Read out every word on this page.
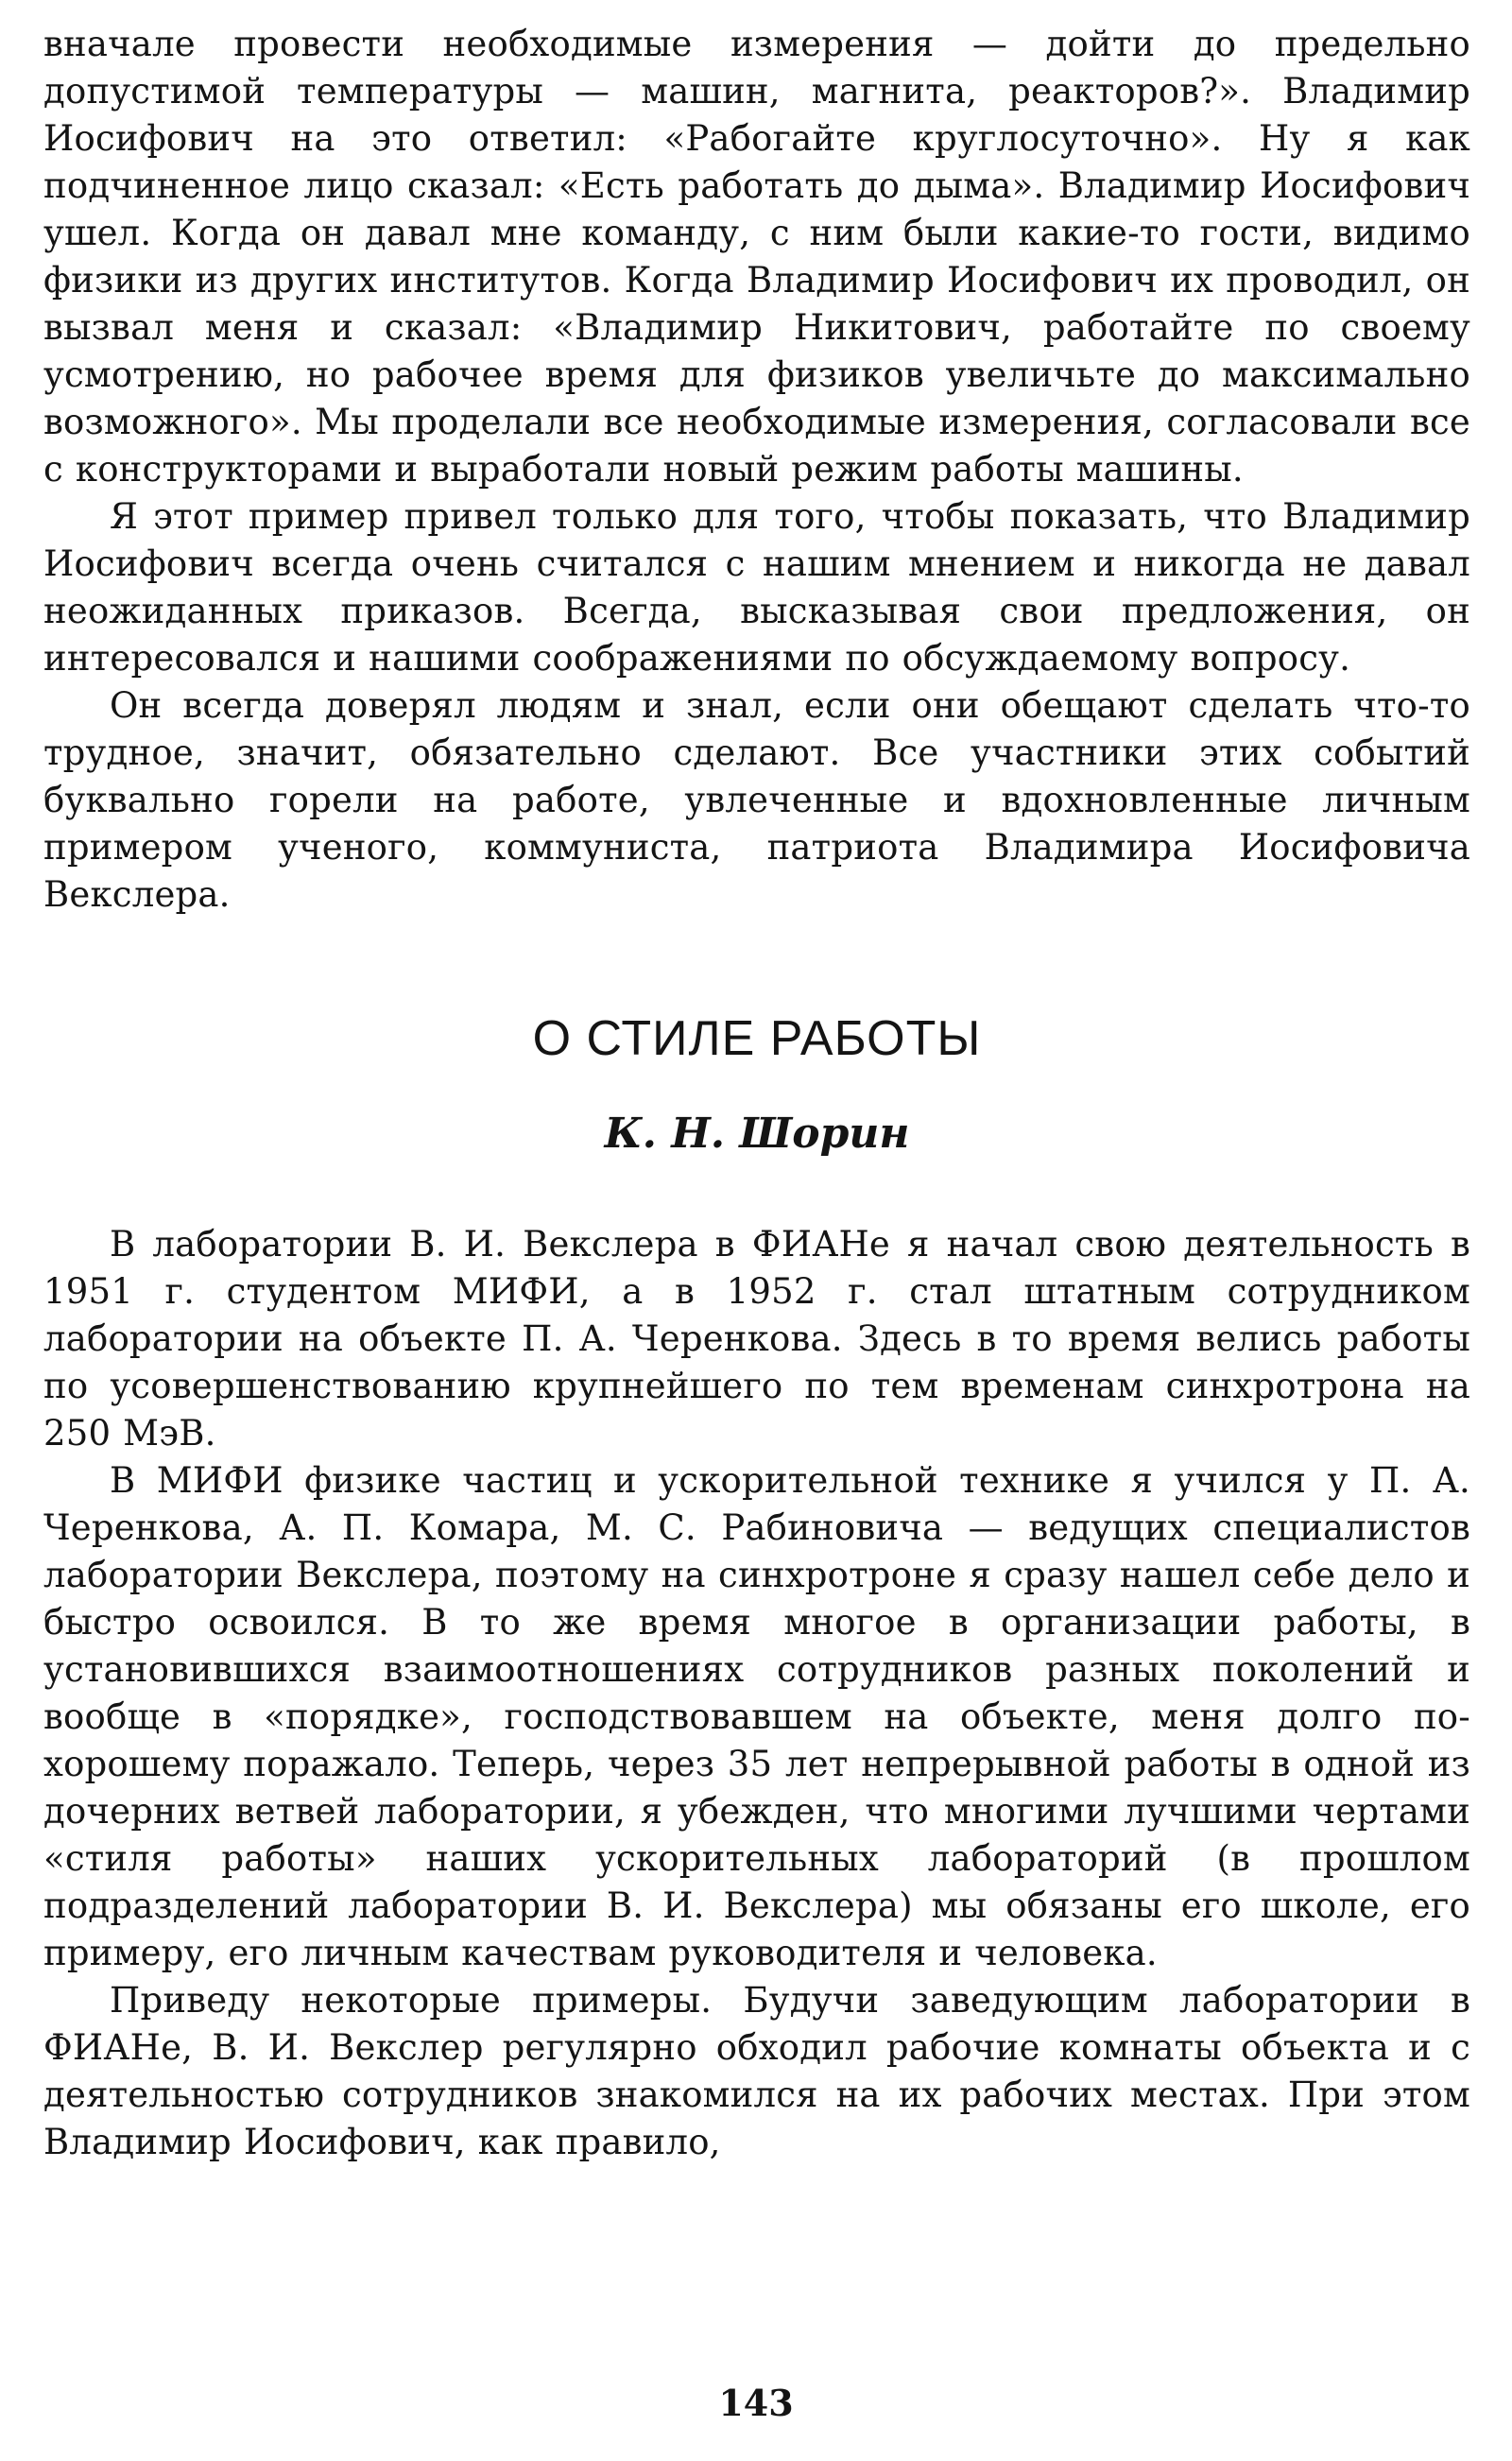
вначале провести необходимые измерения — дойти до предельно допустимой температуры — машин, магнита, реакторов?». Владимир Иосифович на это ответил: «Рабогайте круглосуточно». Ну я как подчиненное лицо сказал: «Есть работать до дыма». Владимир Иосифович ушел. Когда он давал мне команду, с ним были какие-то гости, видимо физики из других институтов. Когда Владимир Иосифович их проводил, он вызвал меня и сказал: «Владимир Никитович, работайте по своему усмотрению, но рабочее время для физиков увеличьте до максимально возможного». Мы проделали все необходимые измерения, согласовали все с конструкторами и выработали новый режим работы машины.

Я этот пример привел только для того, чтобы показать, что Владимир Иосифович всегда очень считался с нашим мнением и никогда не давал неожиданных приказов. Всегда, высказывая свои предложения, он интересовался и нашими соображениями по обсуждаемому вопросу.

Он всегда доверял людям и знал, если они обещают сделать что-то трудное, значит, обязательно сделают. Все участники этих событий буквально горели на работе, увлеченные и вдохновленные личным примером ученого, коммуниста, патриота Владимира Иосифовича Векслера.

О СТИЛЕ РАБОТЫ
К. Н. Шорин

В лаборатории В. И. Векслера в ФИАНе я начал свою деятельность в 1951 г. студентом МИФИ, а в 1952 г. стал штатным сотрудником лаборатории на объекте П. А. Черенкова. Здесь в то время велись работы по усовершенствованию крупнейшего по тем временам синхротрона на 250 МэВ.

В МИФИ физике частиц и ускорительной технике я учился у П. А. Черенкова, А. П. Комара, М. С. Рабиновича — ведущих специалистов лаборатории Векслера, поэтому на синхротроне я сразу нашел себе дело и быстро освоился. В то же время многое в организации работы, в установившихся взаимоотношениях сотрудников разных поколений и вообще в «порядке», господствовавшем на объекте, меня долго по-хорошему поражало. Теперь, через 35 лет непрерывной работы в одной из дочерних ветвей лаборатории, я убежден, что многими лучшими чертами «стиля работы» наших ускорительных лабораторий (в прошлом подразделений лаборатории В. И. Векслера) мы обязаны его школе, его примеру, его личным качествам руководителя и человека.

Приведу некоторые примеры. Будучи заведующим лаборатории в ФИАНе, В. И. Векслер регулярно обходил рабочие комнаты объекта и с деятельностью сотрудников знакомился на их рабочих местах. При этом Владимир Иосифович, как правило,

143
